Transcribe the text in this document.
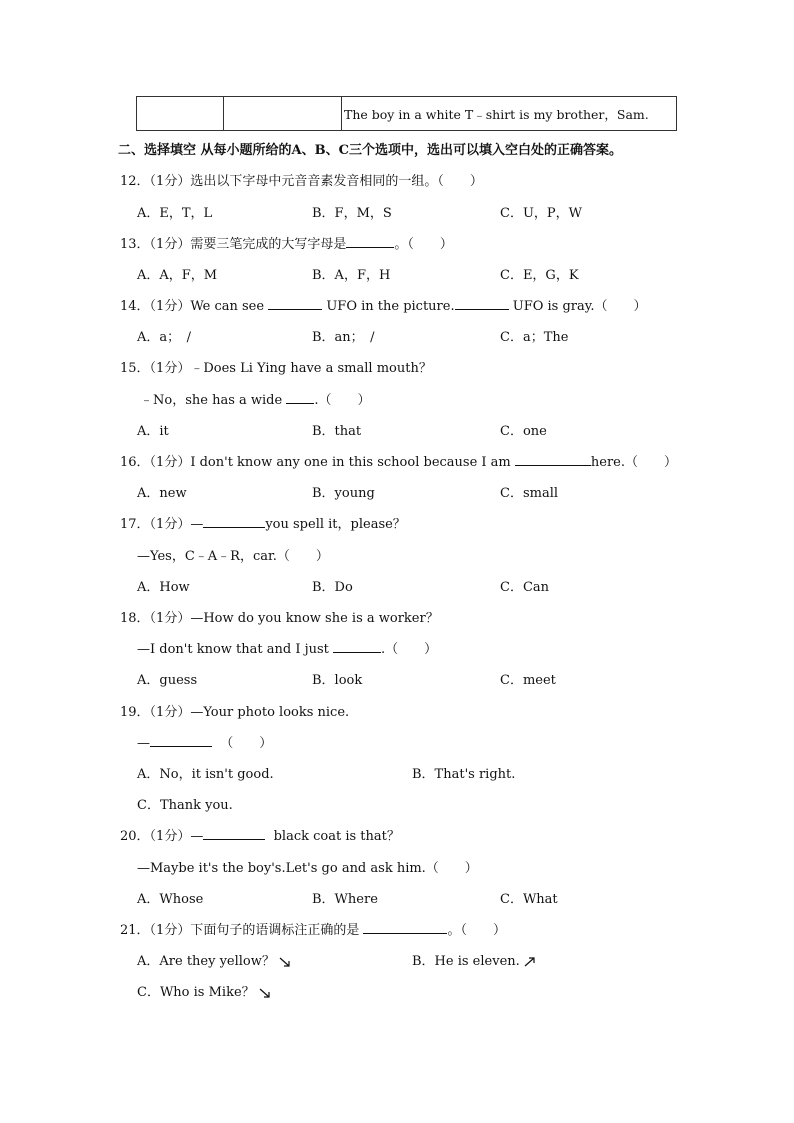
		The boy in a white T﹣shirt is my brother，Sam.
二、选择填空 从每小题所给的A、B、C三个选项中，选出可以填入空白处的正确答案。
12．（1分）选出以下字母中元音音素发音相同的一组。（　　）
A．E，T，L	B．F，M，S	C．U，P，W
13．（1分）需要三笔完成的大写字母是	。（　　）
A．A，F，M	B．A，F，H	C．E，G，K
14．（1分）We can see	UFO in the picture.	UFO is gray.（　　）
A．a；　/	B．an；　/	C．a；The
15．（1分）﹣Does Li Ying have a small mouth？
﹣No，she has a wide .（　　）
A．it	B．that	C．one
16．（1分）I don't know any one in this school because I am	here.（　　）
A．new	B．young	C．small
17．（1分）—	you spell it，please？
—Yes，C﹣A﹣R，car.（　　）
A．How	B．Do	C．Can
18．（1分）—How do you know she is a worker？
—I don't know that and I just	.（　　）
A．guess	B．look	C．meet
19．（1分）—Your photo looks nice.
—	（　　）
A．No，it isn't good.	B．That's right.
C．Thank you.
20．（1分）—	black coat is that？
—Maybe it's the boy's.Let's go and ask him.（　　）
A．Whose	B．Where	C．What
21．（1分）下面句子的语调标注正确的是	。（　　）
A．Are they yellow？	B．He is eleven.
C．Who is Mike？
